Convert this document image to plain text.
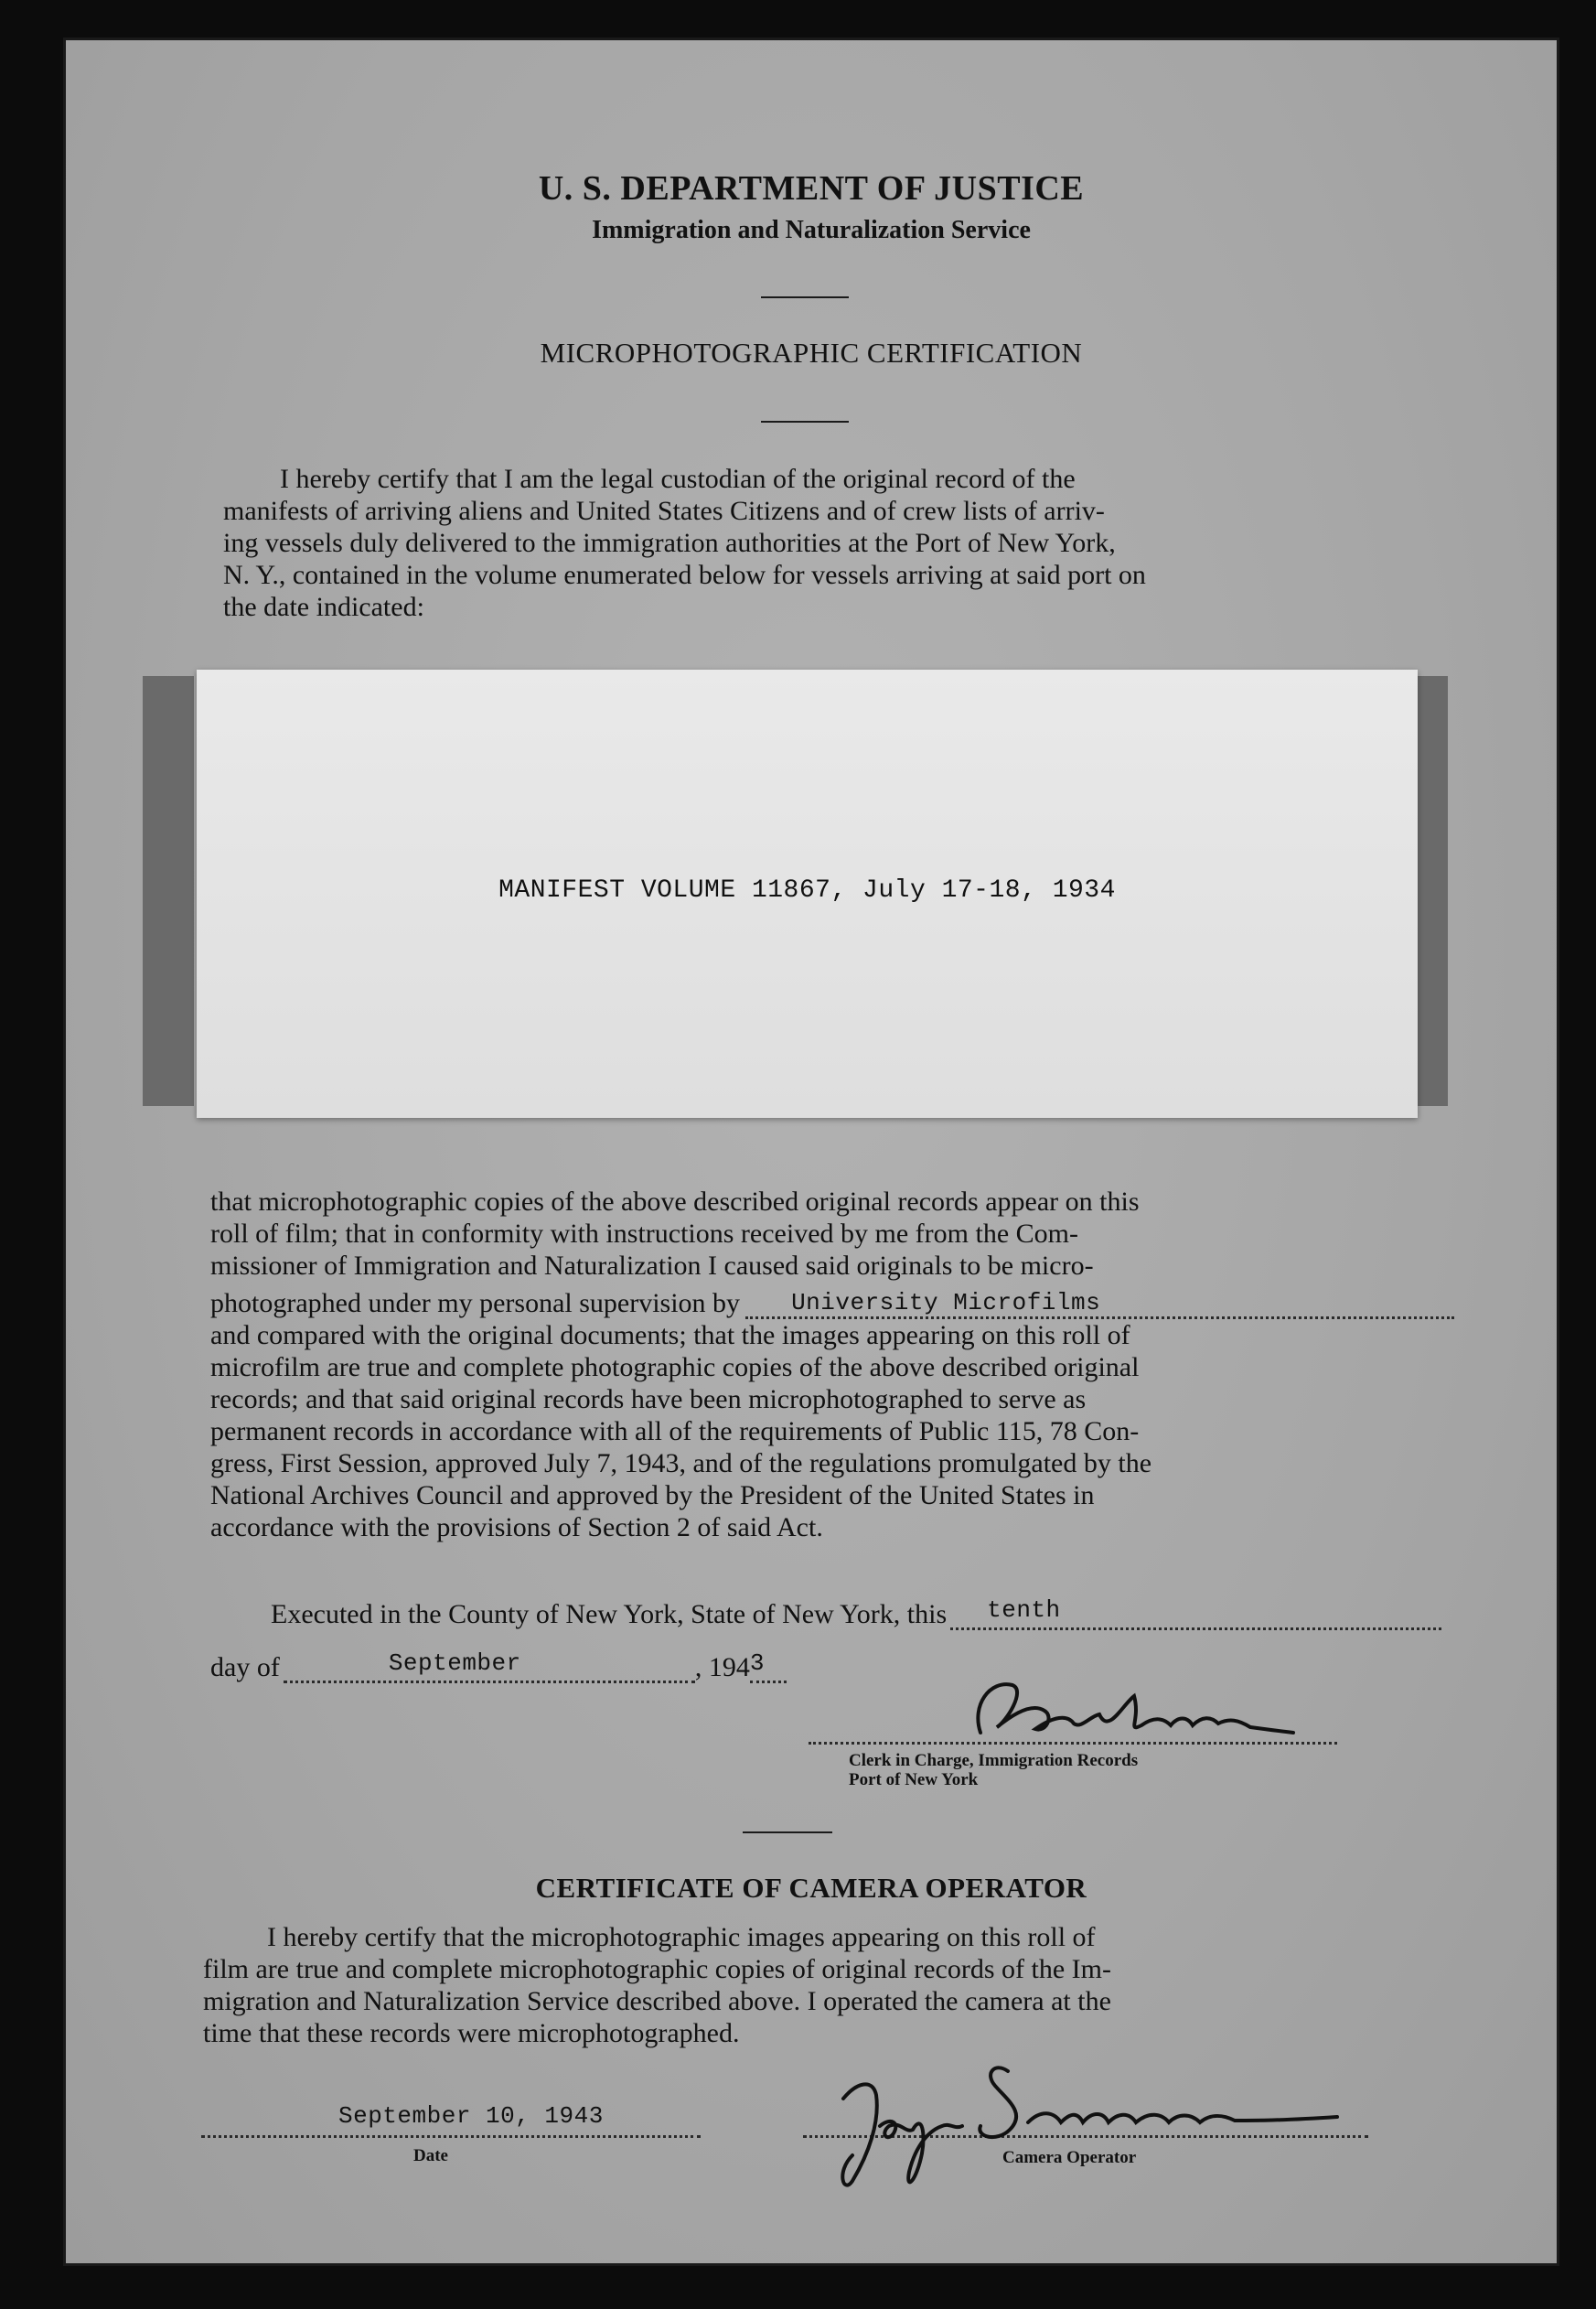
U. S. DEPARTMENT OF JUSTICE
Immigration and Naturalization Service
MICROPHOTOGRAPHIC CERTIFICATION
I hereby certify that I am the legal custodian of the original record of the
manifests of arriving aliens and United States Citizens and of crew lists of arriv-
ing vessels duly delivered to the immigration authorities at the Port of New York,
N. Y., contained in the volume enumerated below for vessels arriving at said port on
the date indicated:
MANIFEST VOLUME 11867, July 17-18, 1934
that microphotographic copies of the above described original records appear on this
roll of film; that in conformity with instructions received by me from the Com-
missioner of Immigration and Naturalization I caused said originals to be micro-
photographed under my personal supervision by University Microfilms
and compared with the original documents; that the images appearing on this roll of
microfilm are true and complete photographic copies of the above described original
records; and that said original records have been microphotographed to serve as
permanent records in accordance with all of the requirements of Public 115, 78 Con-
gress, First Session, approved July 7, 1943, and of the regulations promulgated by the
National Archives Council and approved by the President of the United States in
accordance with the provisions of Section 2 of said Act.
Executed in the County of New York, State of New York, this tenth
day of	September	, 194 3
Clerk in Charge, Immigration Records
Port of New York
CERTIFICATE OF CAMERA OPERATOR
I hereby certify that the microphotographic images appearing on this roll of
film are true and complete microphotographic copies of original records of the Im-
migration and Naturalization Service described above. I operated the camera at the
time that these records were microphotographed.
September 10, 1943
Date	Camera Operator
